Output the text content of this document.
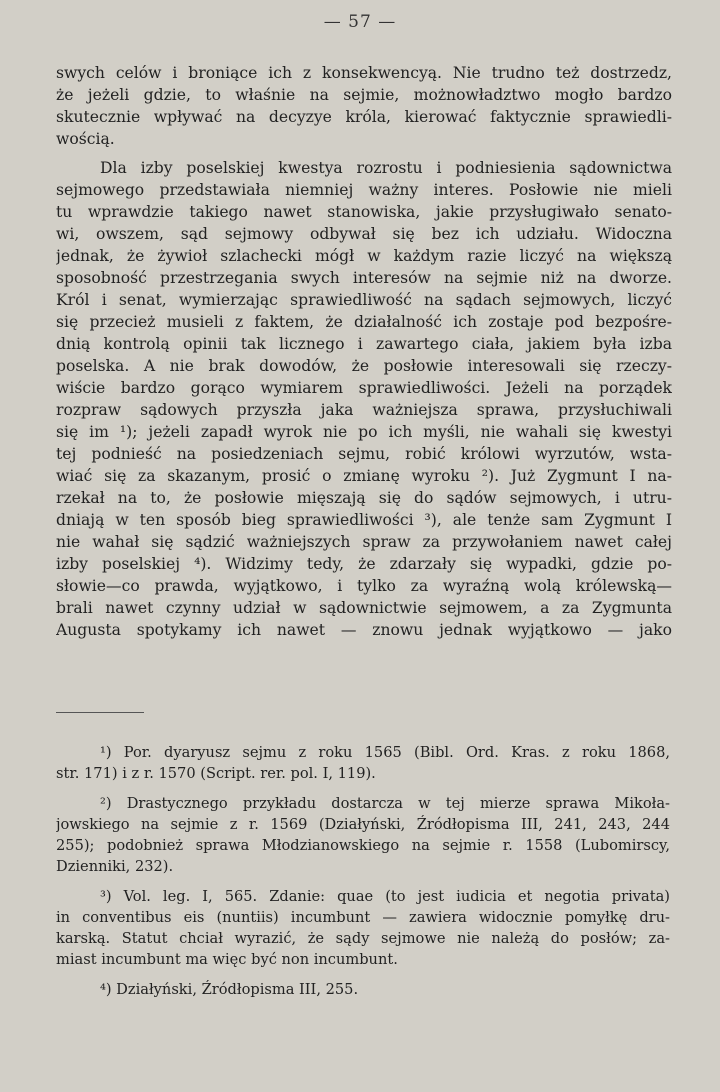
— 57 —
swych celów i broniące ich z konsekwencyą. Nie trudno też dostrzedz,
że jeżeli gdzie, to właśnie na sejmie, możnowładztwo mogło bardzo
skutecznie wpływać na decyzye króla, kierować faktycznie sprawiedli-
wością.
Dla izby poselskiej kwestya rozrostu i podniesienia sądownictwa
sejmowego przedstawiała niemniej ważny interes. Posłowie nie mieli
tu wprawdzie takiego nawet stanowiska, jakie przysługiwało senato-
wi, owszem, sąd sejmowy odbywał się bez ich udziału. Widoczna
jednak, że żywioł szlachecki mógł w każdym razie liczyć na większą
sposobność przestrzegania swych interesów na sejmie niż na dworze.
Król i senat, wymierzając sprawiedliwość na sądach sejmowych, liczyć
się przecież musieli z faktem, że działalność ich zostaje pod bezpośre-
dnią kontrolą opinii tak licznego i zawartego ciała, jakiem była izba
poselska. A nie brak dowodów, że posłowie interesowali się rzeczy-
wiście bardzo gorąco wymiarem sprawiedliwości. Jeżeli na porządek
rozpraw sądowych przyszła jaka ważniejsza sprawa, przysłuchiwali
się im ¹); jeżeli zapadł wyrok nie po ich myśli, nie wahali się kwestyi
tej podnieść na posiedzeniach sejmu, robić królowi wyrzutów, wsta-
wiać się za skazanym, prosić o zmianę wyroku ²). Już Zygmunt I na-
rzekał na to, że posłowie mięszają się do sądów sejmowych, i utru-
dniają w ten sposób bieg sprawiedliwości ³), ale tenże sam Zygmunt I
nie wahał się sądzić ważniejszych spraw za przywołaniem nawet całej
izby poselskiej ⁴). Widzimy tedy, że zdarzały się wypadki, gdzie po-
słowie—co prawda, wyjątkowo, i tylko za wyraźną wolą królewską—
brali nawet czynny udział w sądownictwie sejmowem, a za Zygmunta
Augusta spotykamy ich nawet — znowu jednak wyjątkowo — jako
¹) Por. dyaryusz sejmu z roku 1565 (Bibl. Ord. Kras. z roku 1868,
str. 171) i z r. 1570 (Script. rer. pol. I, 119).
²) Drastycznego przykładu dostarcza w tej mierze sprawa Mikoła-
jowskiego na sejmie z r. 1569 (Działyński, Źródłopisma III, 241, 243, 244
255); podobnież sprawa Młodzianowskiego na sejmie r. 1558 (Lubomirscy,
Dzienniki, 232).
³) Vol. leg. I, 565. Zdanie: quae (to jest iudicia et negotia privata)
in conventibus eis (nuntiis) incumbunt — zawiera widocznie pomyłkę dru-
karską. Statut chciał wyrazić, że sądy sejmowe nie należą do posłów; za-
miast incumbunt ma więc być non incumbunt.
⁴) Działyński, Źródłopisma III, 255.
